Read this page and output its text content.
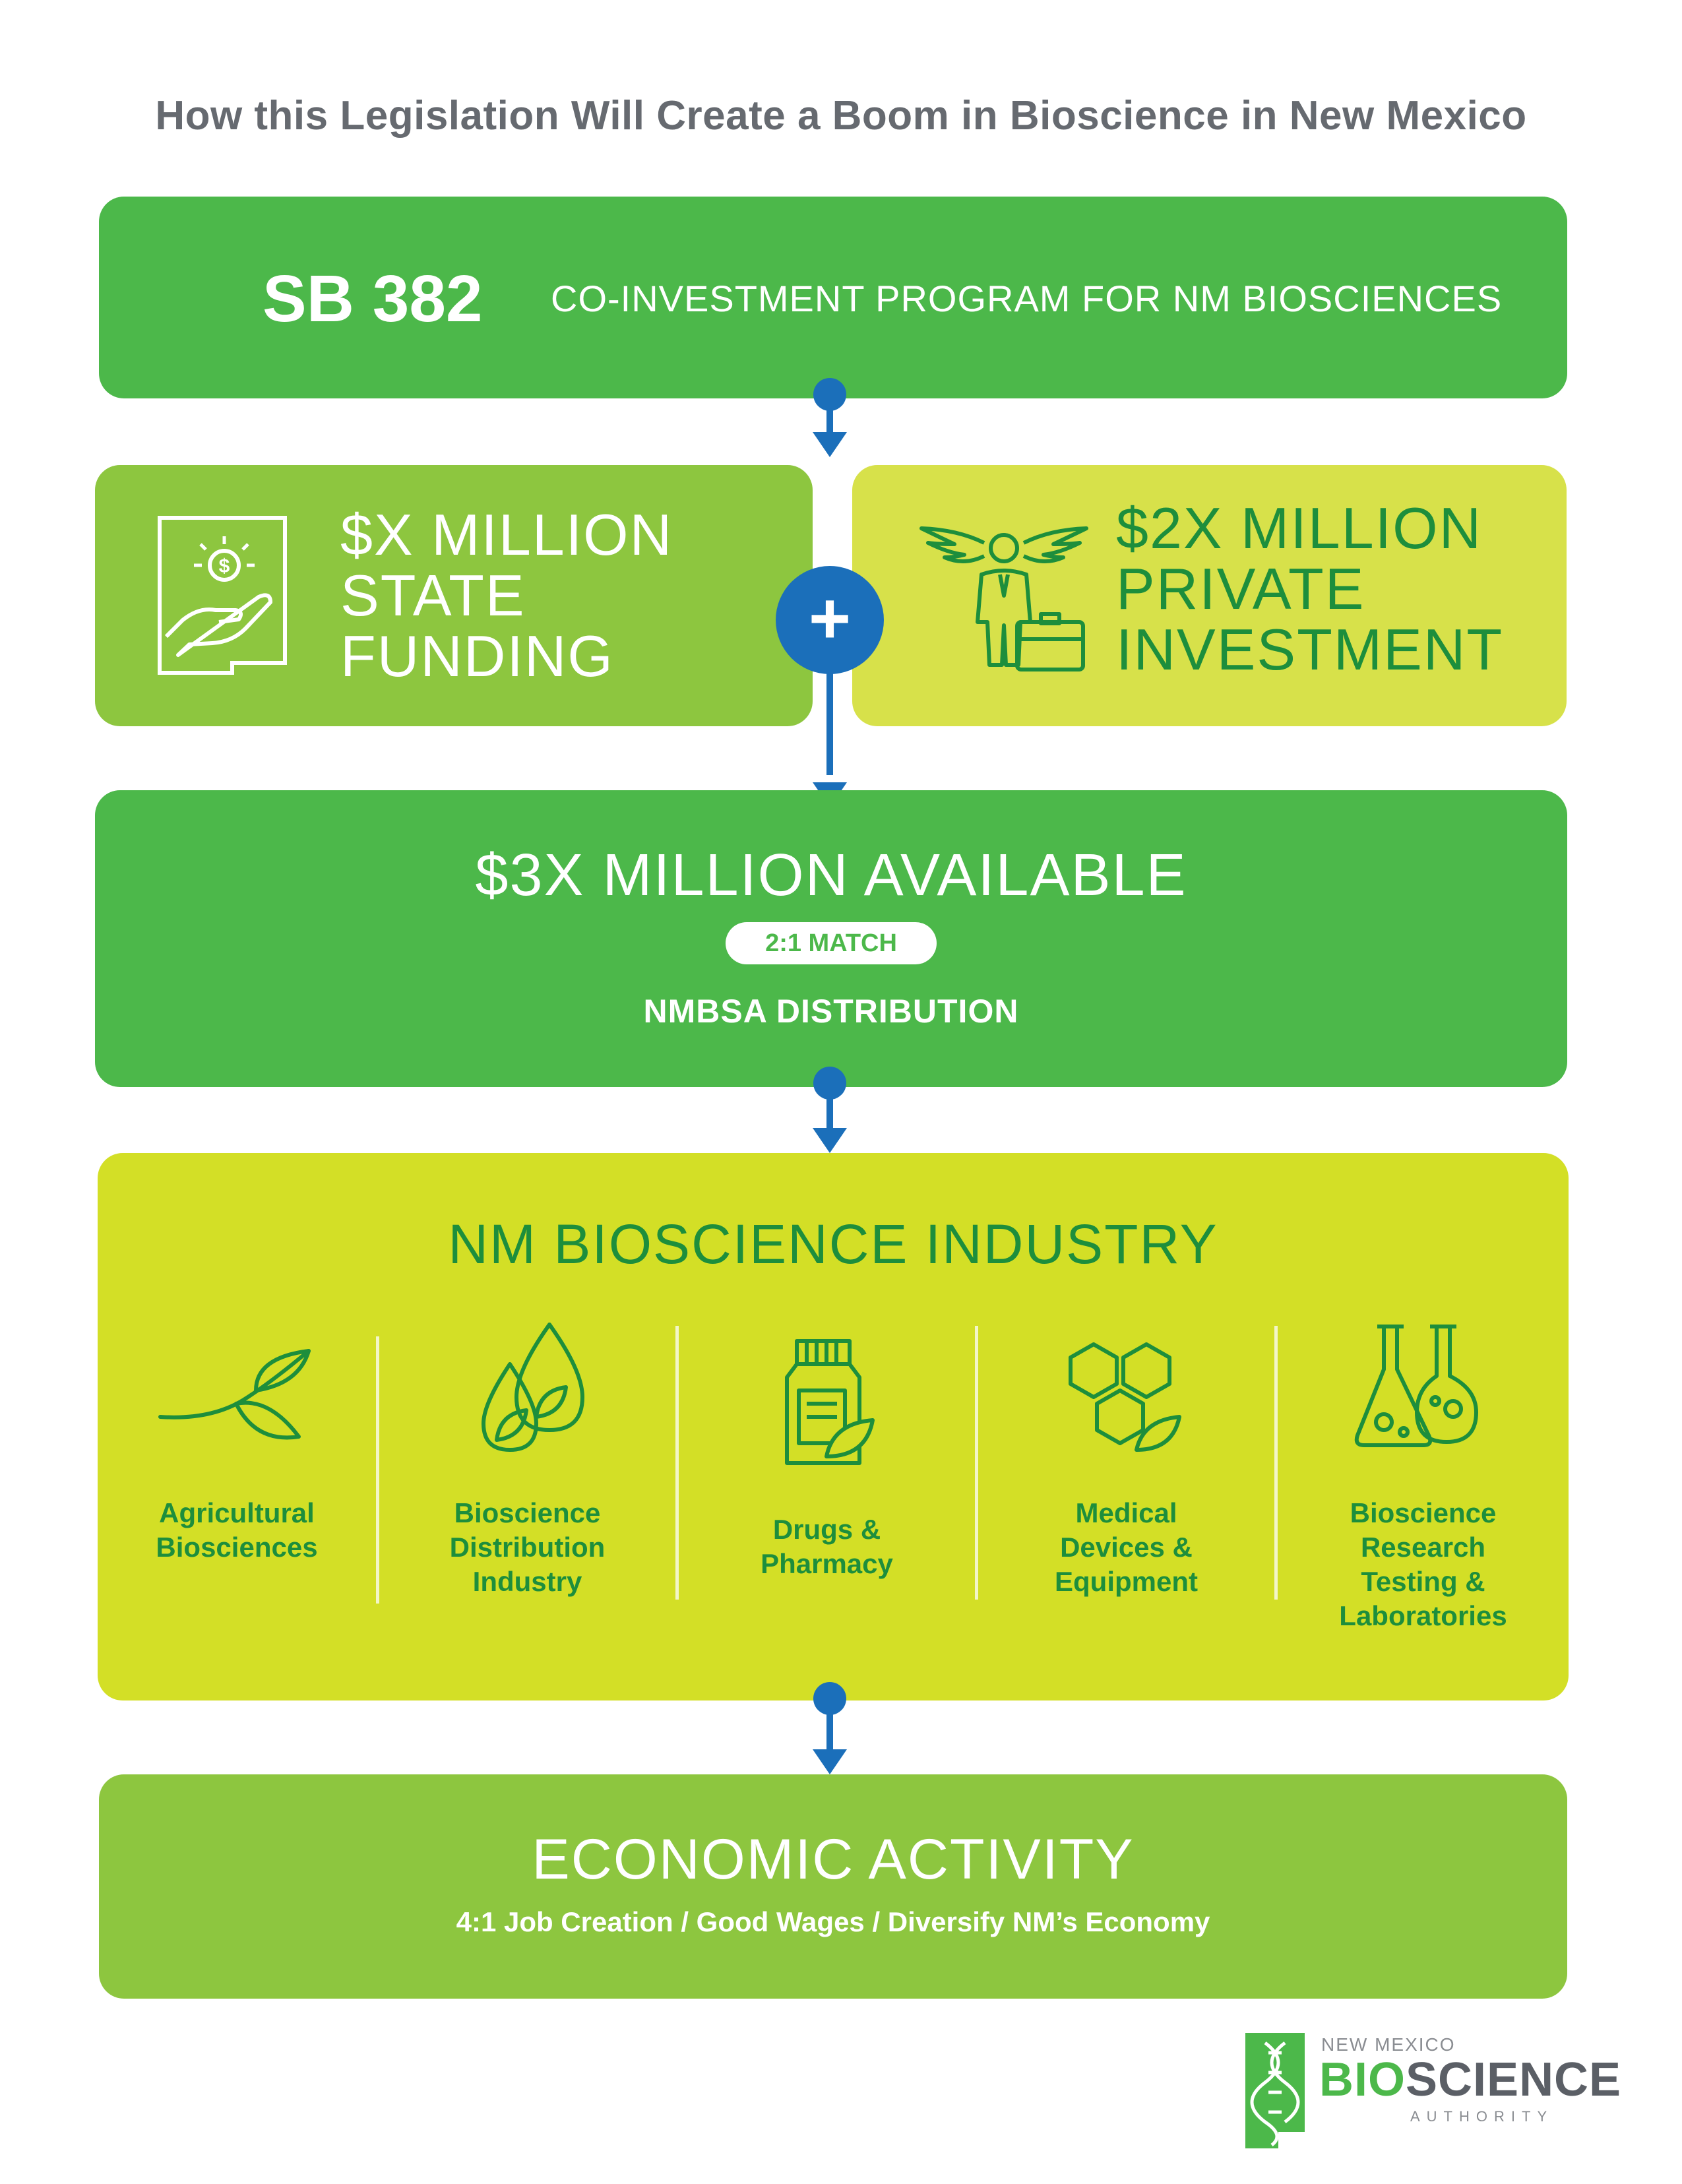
How this Legislation Will Create a Boom in Bioscience in New Mexico
SB 382 CO-INVESTMENT PROGRAM FOR NM BIOSCIENCES
$ $X MILLION
STATE
FUNDING
$2X MILLION
PRIVATE
INVESTMENT
+
$3X MILLION AVAILABLE
2:1 MATCH
NMBSA DISTRIBUTION
NM BIOSCIENCE INDUSTRY
Agricultural
Biosciences
Bioscience
Distribution
Industry
Drugs &
Pharmacy
Medical
Devices &
Equipment
Bioscience
Research
Testing &
Laboratories
ECONOMIC ACTIVITY
4:1 Job Creation / Good Wages / Diversify NM’s Economy
NEW MEXICO
BIOSCIENCE
AUTHORITY
